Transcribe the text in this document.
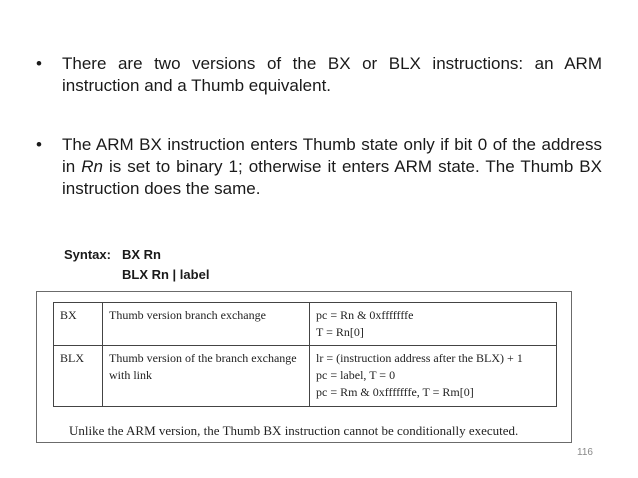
• There are two versions of the BX or BLX instructions: an ARM instruction and a Thumb equivalent.
• The ARM BX instruction enters Thumb state only if bit 0 of the address in Rn is set to binary 1; otherwise it enters ARM state. The Thumb BX instruction does the same.
Syntax: BX Rn
BLX Rn | label
BX	Thumb version branch exchange	pc = Rn & 0xfffffffe
T = Rn[0]

BLX	Thumb version of the branch exchange with link	lr = (instruction address after the BLX) + 1
pc = label, T = 0
pc = Rm & 0xfffffffe, T = Rm[0]
Unlike the ARM version, the Thumb BX instruction cannot be conditionally executed.
116
